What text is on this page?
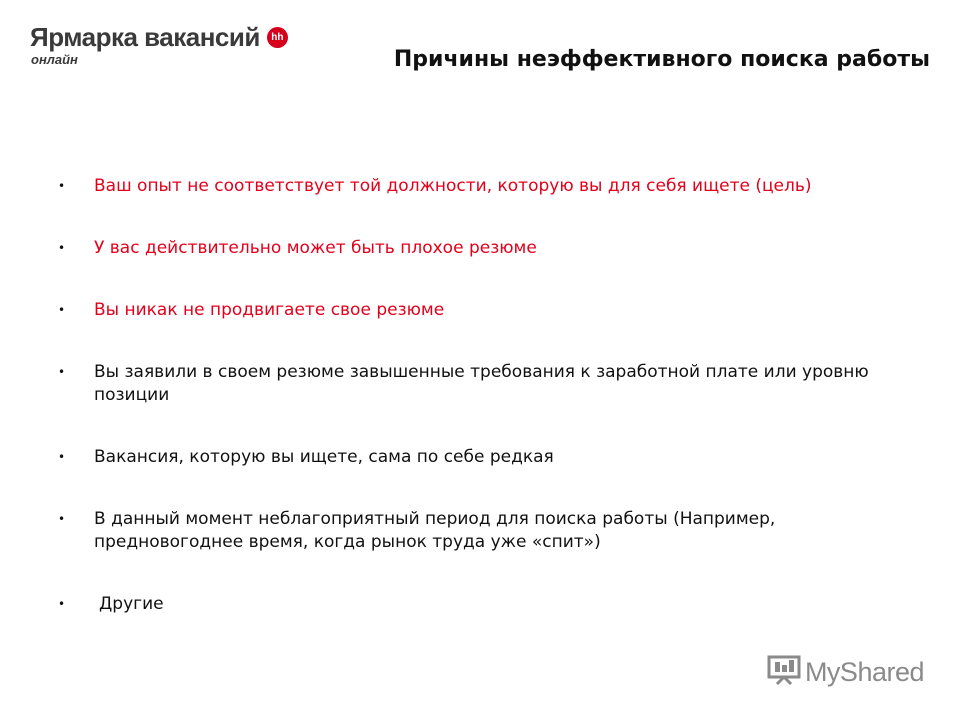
Ярмарка вакансий	hh
онлайн	Причины неэффективного поиска работы
• Ваш опыт не соответствует той должности, которую вы для себя ищете (цель)
• У вас действительно может быть плохое резюме
• Вы никак не продвигаете свое резюме
• Вы заявили в своем резюме завышенные требования к заработной плате или уровню позиции
• Вакансия, которую вы ищете, сама по себе редкая
• В данный момент неблагоприятный период для поиска работы (Например, предновогоднее время, когда рынок труда уже «спит»)
• Другие
MyShared
